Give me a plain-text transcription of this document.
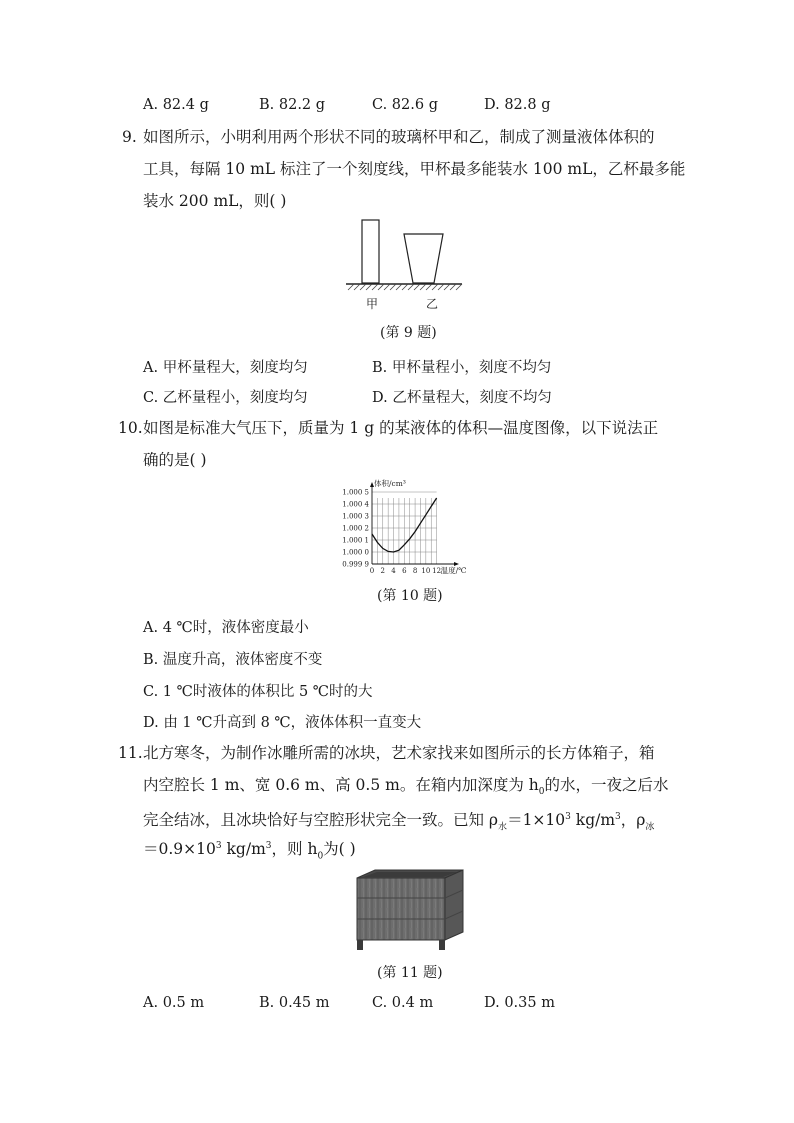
A. 82.4 g	B. 82.2 g	C. 82.6 g	D. 82.8 g
9. 如图所示，小明利用两个形状不同的玻璃杯甲和乙，制成了测量液体体积的
工具，每隔 10 mL 标注了一个刻度线，甲杯最多能装水 100 mL，乙杯最多能
装水 200 mL，则( )
甲	乙
(第 9 题)
A. 甲杯量程大，刻度均匀	B. 甲杯量程小，刻度不均匀
C. 乙杯量程小，刻度均匀	D. 乙杯量程大，刻度不均匀
10. 如图是标准大气压下，质量为 1 g 的某液体的体积—温度图像，以下说法正
确的是( )
0.999 9
1.000 0
1.000 1
1.000 2
1.000 3
1.000 4
1.000 5
0 2 4 6 8 10 12
体积/cm³
温度/℃
(第 10 题)
A. 4 ℃时，液体密度最小
B. 温度升高，液体密度不变
C. 1 ℃时液体的体积比 5 ℃时的大
D. 由 1 ℃升高到 8 ℃，液体体积一直变大
11. 北方寒冬，为制作冰雕所需的冰块，艺术家找来如图所示的长方体箱子，箱
内空腔长 1 m、宽 0.6 m、高 0.5 m。在箱内加深度为 $h_0$的水，一夜之后水
完全结冰，且冰块恰好与空腔形状完全一致。已知 $\rho_水=1\times 10^3$ $kg/m^3$，$\rho_冰$
$=0.9\times 10^3$ $kg/m^3$，则 $h_0$为( )
(第 11 题)
A. 0.5 m	B. 0.45 m	C. 0.4 m	D. 0.35 m
